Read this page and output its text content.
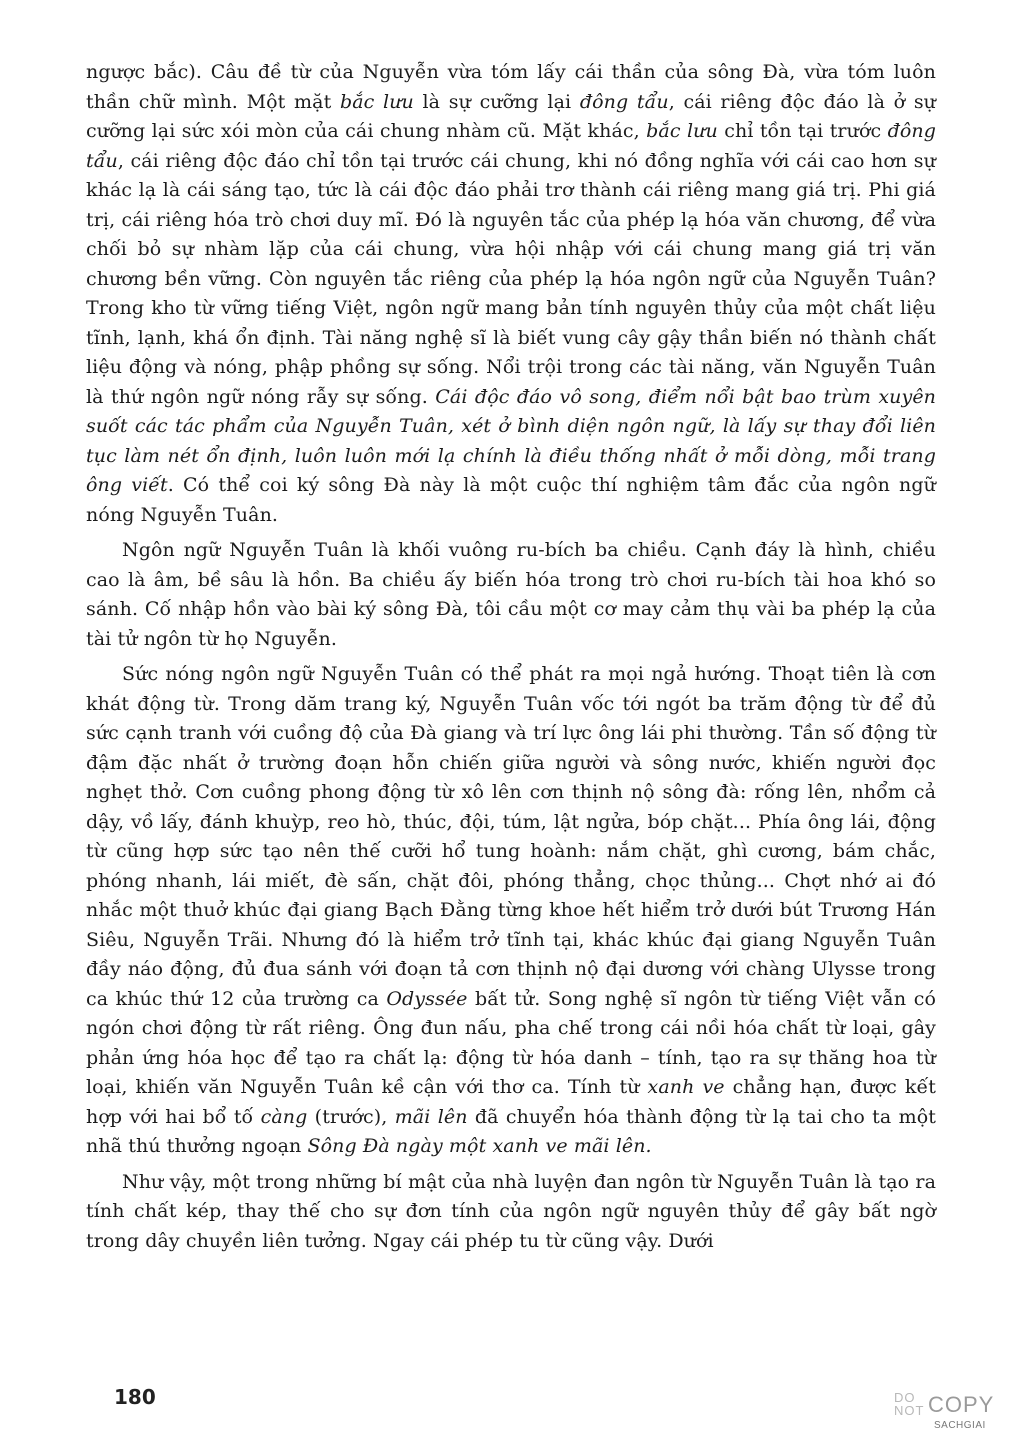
ngược bắc). Câu đề từ của Nguyễn vừa tóm lấy cái thần của sông Đà, vừa tóm luôn thần chữ mình. Một mặt bắc lưu là sự cưỡng lại đông tẩu, cái riêng độc đáo là ở sự cưỡng lại sức xói mòn của cái chung nhàm cũ. Mặt khác, bắc lưu chỉ tồn tại trước đông tẩu, cái riêng độc đáo chỉ tồn tại trước cái chung, khi nó đồng nghĩa với cái cao hơn sự khác lạ là cái sáng tạo, tức là cái độc đáo phải trơ thành cái riêng mang giá trị. Phi giá trị, cái riêng hóa trò chơi duy mĩ. Đó là nguyên tắc của phép lạ hóa văn chương, để vừa chối bỏ sự nhàm lặp của cái chung, vừa hội nhập với cái chung mang giá trị văn chương bền vững. Còn nguyên tắc riêng của phép lạ hóa ngôn ngữ của Nguyễn Tuân? Trong kho từ vững tiếng Việt, ngôn ngữ mang bản tính nguyên thủy của một chất liệu tĩnh, lạnh, khá ổn định. Tài năng nghệ sĩ là biết vung cây gậy thần biến nó thành chất liệu động và nóng, phập phồng sự sống. Nổi trội trong các tài năng, văn Nguyễn Tuân là thứ ngôn ngữ nóng rẫy sự sống. Cái độc đáo vô song, điểm nổi bật bao trùm xuyên suốt các tác phẩm của Nguyễn Tuân, xét ở bình diện ngôn ngữ, là lấy sự thay đổi liên tục làm nét ổn định, luôn luôn mới lạ chính là điều thống nhất ở mỗi dòng, mỗi trang ông viết. Có thể coi ký sông Đà này là một cuộc thí nghiệm tâm đắc của ngôn ngữ nóng Nguyễn Tuân.

Ngôn ngữ Nguyễn Tuân là khối vuông ru-bích ba chiều. Cạnh đáy là hình, chiều cao là âm, bề sâu là hồn. Ba chiều ấy biến hóa trong trò chơi ru-bích tài hoa khó so sánh. Cố nhập hồn vào bài ký sông Đà, tôi cầu một cơ may cảm thụ vài ba phép lạ của tài tử ngôn từ họ Nguyễn.

Sức nóng ngôn ngữ Nguyễn Tuân có thể phát ra mọi ngả hướng. Thoạt tiên là cơn khát động từ. Trong dăm trang ký, Nguyễn Tuân vốc tới ngót ba trăm động từ để đủ sức cạnh tranh với cuồng độ của Đà giang và trí lực ông lái phi thường. Tần số động từ đậm đặc nhất ở trường đoạn hỗn chiến giữa người và sông nước, khiến người đọc nghẹt thở. Cơn cuồng phong động từ xô lên cơn thịnh nộ sông đà: rống lên, nhổm cả dậy, vồ lấy, đánh khuỳp, reo hò, thúc, đội, túm, lật ngửa, bóp chặt... Phía ông lái, động từ cũng hợp sức tạo nên thế cưỡi hổ tung hoành: nắm chặt, ghì cương, bám chắc, phóng nhanh, lái miết, đè sấn, chặt đôi, phóng thẳng, chọc thủng... Chợt nhớ ai đó nhắc một thuở khúc đại giang Bạch Đằng từng khoe hết hiểm trở dưới bút Trương Hán Siêu, Nguyễn Trãi. Nhưng đó là hiểm trở tĩnh tại, khác khúc đại giang Nguyễn Tuân đầy náo động, đủ đua sánh với đoạn tả cơn thịnh nộ đại dương với chàng Ulysse trong ca khúc thứ 12 của trường ca Odyssée bất tử. Song nghệ sĩ ngôn từ tiếng Việt vẫn có ngón chơi động từ rất riêng. Ông đun nấu, pha chế trong cái nồi hóa chất từ loại, gây phản ứng hóa học để tạo ra chất lạ: động từ hóa danh – tính, tạo ra sự thăng hoa từ loại, khiến văn Nguyễn Tuân kề cận với thơ ca. Tính từ xanh ve chẳng hạn, được kết hợp với hai bổ tố càng (trước), mãi lên đã chuyển hóa thành động từ lạ tai cho ta một nhã thú thưởng ngoạn Sông Đà ngày một xanh ve mãi lên.

Như vậy, một trong những bí mật của nhà luyện đan ngôn từ Nguyễn Tuân là tạo ra tính chất kép, thay thế cho sự đơn tính của ngôn ngữ nguyên thủy để gây bất ngờ trong dây chuyền liên tưởng. Ngay cái phép tu từ cũng vậy. Dưới

180	DO
NOT COPY
SACHGIAI
